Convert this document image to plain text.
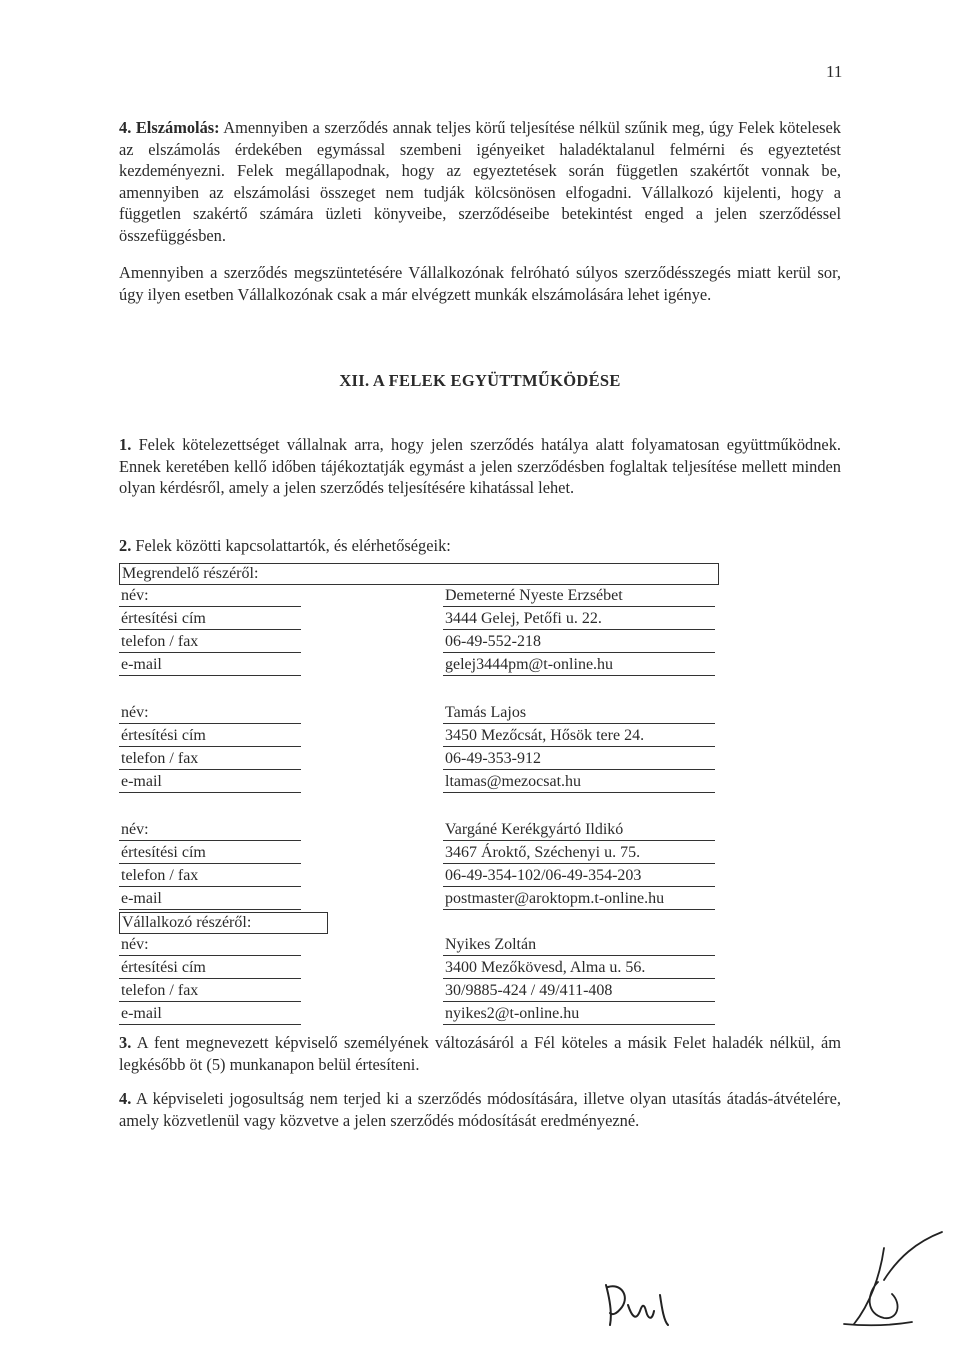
11
4. Elszámolás: Amennyiben a szerződés annak teljes körű teljesítése nélkül szűnik meg, úgy Felek kötelesek az elszámolás érdekében egymással szembeni igényeiket haladéktalanul felmérni és egyeztetést kezdeményezni. Felek megállapodnak, hogy az egyeztetések során független szakértőt vonnak be, amennyiben az elszámolási összeget nem tudják kölcsönösen elfogadni. Vállalkozó kijelenti, hogy a független szakértő számára üzleti könyveibe, szerződéseibe betekintést enged a jelen szerződéssel összefüggésben.
Amennyiben a szerződés megszüntetésére Vállalkozónak felróható súlyos szerződésszegés miatt kerül sor, úgy ilyen esetben Vállalkozónak csak a már elvégzett munkák elszámolására lehet igénye.
XII. A FELEK EGYÜTTMŰKÖDÉSE
1. Felek kötelezettséget vállalnak arra, hogy jelen szerződés hatálya alatt folyamatosan együttműködnek. Ennek keretében kellő időben tájékoztatják egymást a jelen szerződésben foglaltak teljesítése mellett minden olyan kérdésről, amely a jelen szerződés teljesítésére kihatással lehet.
2. Felek közötti kapcsolattartók, és elérhetőségeik:
Megrendelő részéről:
név:	Demeterné Nyeste Erzsébet
értesítési cím	3444 Gelej, Petőfi u. 22.
telefon / fax	06-49-552-218
e-mail	gelej3444pm@t-online.hu
név:	Tamás Lajos
értesítési cím	3450 Mezőcsát, Hősök tere 24.
telefon / fax	06-49-353-912
e-mail	ltamas@mezocsat.hu
név:	Vargáné Kerékgyártó Ildikó
értesítési cím	3467 Ároktő, Széchenyi u. 75.
telefon / fax	06-49-354-102/06-49-354-203
e-mail	postmaster@aroktopm.t-online.hu
Vállalkozó részéről:
név:	Nyikes Zoltán
értesítési cím	3400 Mezőkövesd, Alma u. 56.
telefon / fax	30/9885-424 / 49/411-408
e-mail	nyikes2@t-online.hu
3. A fent megnevezett képviselő személyének változásáról a Fél köteles a másik Felet haladék nélkül, ám legkésőbb öt (5) munkanapon belül értesíteni.
4. A képviseleti jogosultság nem terjed ki a szerződés módosítására, illetve olyan utasítás átadás-átvételére, amely közvetlenül vagy közvetve a jelen szerződés módosítását eredményezné.
